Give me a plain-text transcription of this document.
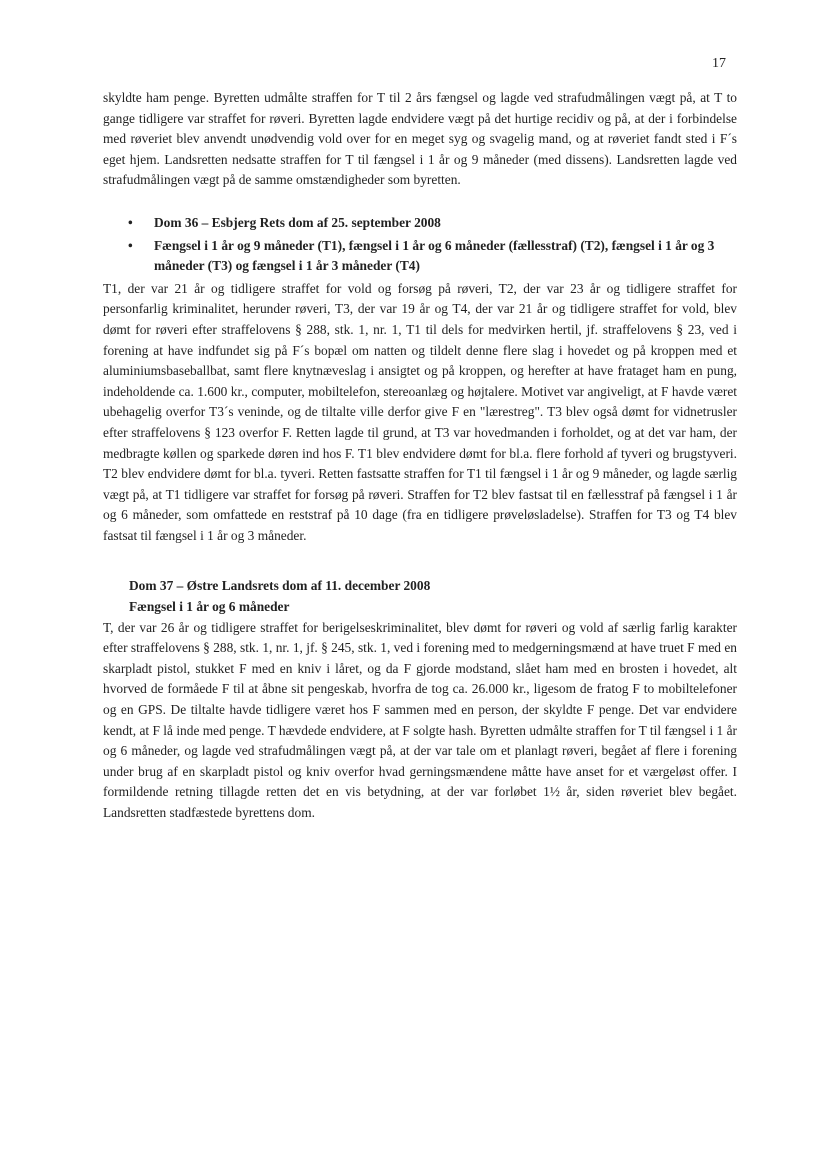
17

skyldte ham penge. Byretten udmålte straffen for T til 2 års fængsel og lagde ved strafudmålingen vægt på, at T to gange tidligere var straffet for røveri. Byretten lagde endvidere vægt på det hurtige recidiv og på, at der i forbindelse med røveriet blev anvendt unødvendig vold over for en meget syg og svagelig mand, og at røveriet fandt sted i F´s eget hjem. Landsretten nedsatte straffen for T til fængsel i 1 år og 9 måneder (med dissens). Landsretten lagde ved strafudmålingen vægt på de samme omstændigheder som byretten.

• Dom 36 – Esbjerg Rets dom af 25. september 2008
• Fængsel i 1 år og 9 måneder (T1), fængsel i 1 år og 6 måneder (fællesstraf) (T2), fængsel i 1 år og 3 måneder (T3) og fængsel i 1 år 3 måneder (T4)

T1, der var 21 år og tidligere straffet for vold og forsøg på røveri, T2, der var 23 år og tidligere straffet for personfarlig kriminalitet, herunder røveri, T3, der var 19 år og T4, der var 21 år og tidligere straffet for vold, blev dømt for røveri efter straffelovens § 288, stk. 1, nr. 1, T1 til dels for medvirken hertil, jf. straffelovens § 23, ved i forening at have indfundet sig på F´s bopæl om natten og tildelt denne flere slag i hovedet og på kroppen med et aluminiumsbaseballbat, samt flere knytnæveslag i ansigtet og på kroppen, og herefter at have frataget ham en pung, indeholdende ca. 1.600 kr., computer, mobiltelefon, stereoanlæg og højtalere. Motivet var angiveligt, at F havde været ubehagelig overfor T3´s veninde, og de tiltalte ville derfor give F en "lærestreg". T3 blev også dømt for vidnetrusler efter straffelovens § 123 overfor F. Retten lagde til grund, at T3 var hovedmanden i forholdet, og at det var ham, der medbragte køllen og sparkede døren ind hos F. T1 blev endvidere dømt for bl.a. flere forhold af tyveri og brugstyveri. T2 blev endvidere dømt for bl.a. tyveri. Retten fastsatte straffen for T1 til fængsel i 1 år og 9 måneder, og lagde særlig vægt på, at T1 tidligere var straffet for forsøg på røveri. Straffen for T2 blev fastsat til en fællesstraf på fængsel i 1 år og 6 måneder, som omfattede en reststraf på 10 dage (fra en tidligere prøveløsladelse). Straffen for T3 og T4 blev fastsat til fængsel i 1 år og 3 måneder.

Dom 37 – Østre Landsrets dom af 11. december 2008
Fængsel i 1 år og 6 måneder

T, der var 26 år og tidligere straffet for berigelseskriminalitet, blev dømt for røveri og vold af særlig farlig karakter efter straffelovens § 288, stk. 1, nr. 1, jf. § 245, stk. 1, ved i forening med to medgerningsmænd at have truet F med en skarpladt pistol, stukket F med en kniv i låret, og da F gjorde modstand, slået ham med en brosten i hovedet, alt hvorved de formåede F til at åbne sit pengeskab, hvorfra de tog ca. 26.000 kr., ligesom de fratog F to mobiltelefoner og en GPS. De tiltalte havde tidligere været hos F sammen med en person, der skyldte F penge. Det var endvidere kendt, at F lå inde med penge. T hævdede endvidere, at F solgte hash. Byretten udmålte straffen for T til fængsel i 1 år og 6 måneder, og lagde ved strafudmålingen vægt på, at der var tale om et planlagt røveri, begået af flere i forening under brug af en skarpladt pistol og kniv overfor hvad gerningsmændene måtte have anset for et værgeløst offer. I formildende retning tillagde retten det en vis betydning, at der var forløbet 1½ år, siden røveriet blev begået. Landsretten stadfæstede byrettens dom.
